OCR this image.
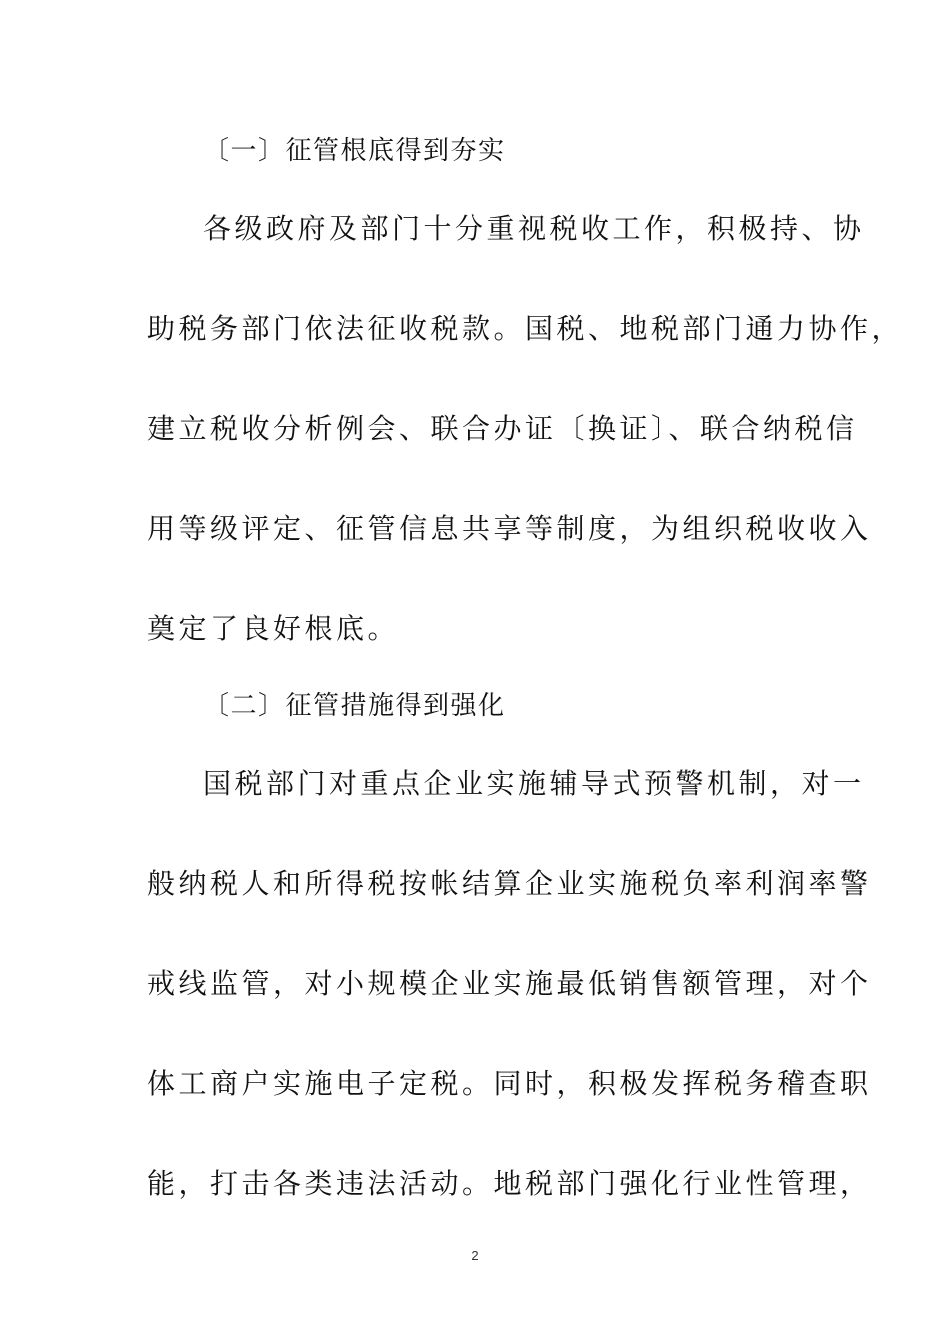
〔一〕征管根底得到夯实
各级政府及部门十分重视税收工作，积极持、协
助税务部门依法征收税款。国税、地税部门通力协作，
建立税收分析例会、联合办证〔换证〕、联合纳税信
用等级评定、征管信息共享等制度，为组织税收收入
奠定了良好根底。
〔二〕征管措施得到强化
国税部门对重点企业实施辅导式预警机制，对一
般纳税人和所得税按帐结算企业实施税负率利润率警
戒线监管，对小规模企业实施最低销售额管理，对个
体工商户实施电子定税。同时，积极发挥税务稽查职
能，打击各类违法活动。地税部门强化行业性管理，
2
